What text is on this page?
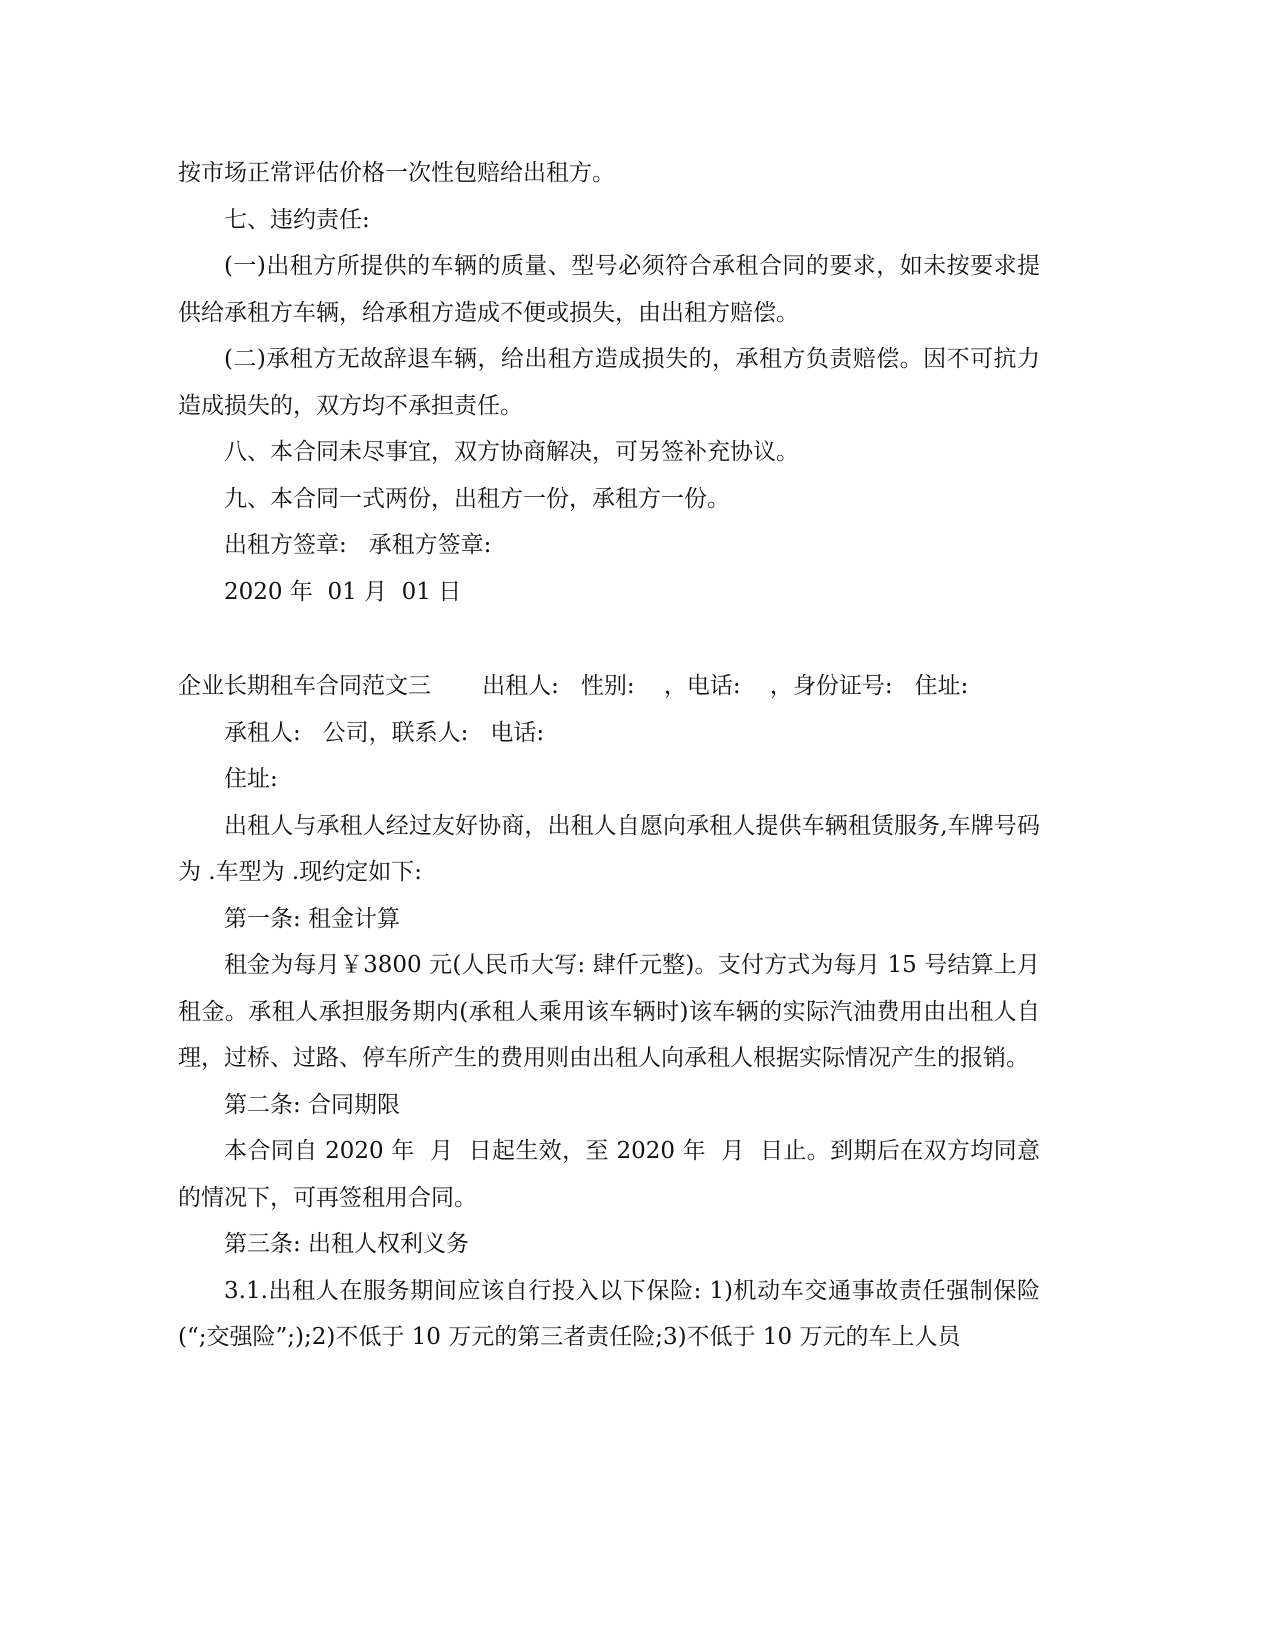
按市场正常评估价格一次性包赔给出租方。

七、违约责任:

(一)出租方所提供的车辆的质量、型号必须符合承租合同的要求，如未按要求提供给承租方车辆，给承租方造成不便或损失，由出租方赔偿。

(二)承租方无故辞退车辆，给出租方造成损失的，承租方负责赔偿。因不可抗力造成损失的，双方均不承担责任。

八、本合同未尽事宜，双方协商解决，可另签补充协议。

九、本合同一式两份，出租方一份，承租方一份。

出租方签章:   承租方签章:

2020 年  01 月  01 日

企业长期租车合同范文三       出租人:   性别:    ，电话:    ，身份证号:   住址:

承租人:   公司，联系人:   电话:

住址:

出租人与承租人经过友好协商，出租人自愿向承租人提供车辆租赁服务,车牌号码为 .车型为 .现约定如下:

第一条: 租金计算

租金为每月￥3800 元(人民币大写: 肆仟元整)。支付方式为每月 15 号结算上月租金。承租人承担服务期内(承租人乘用该车辆时)该车辆的实际汽油费用由出租人自理，过桥、过路、停车所产生的费用则由出租人向承租人根据实际情况产生的报销。

第二条: 合同期限

本合同自 2020 年  月  日起生效，至 2020 年  月  日止。到期后在双方均同意的情况下，可再签租用合同。

第三条: 出租人权利义务

3.1.出租人在服务期间应该自行投入以下保险: 1)机动车交通事故责任强制保险(“;交强险”;);2)不低于 10 万元的第三者责任险;3)不低于 10 万元的车上人员
